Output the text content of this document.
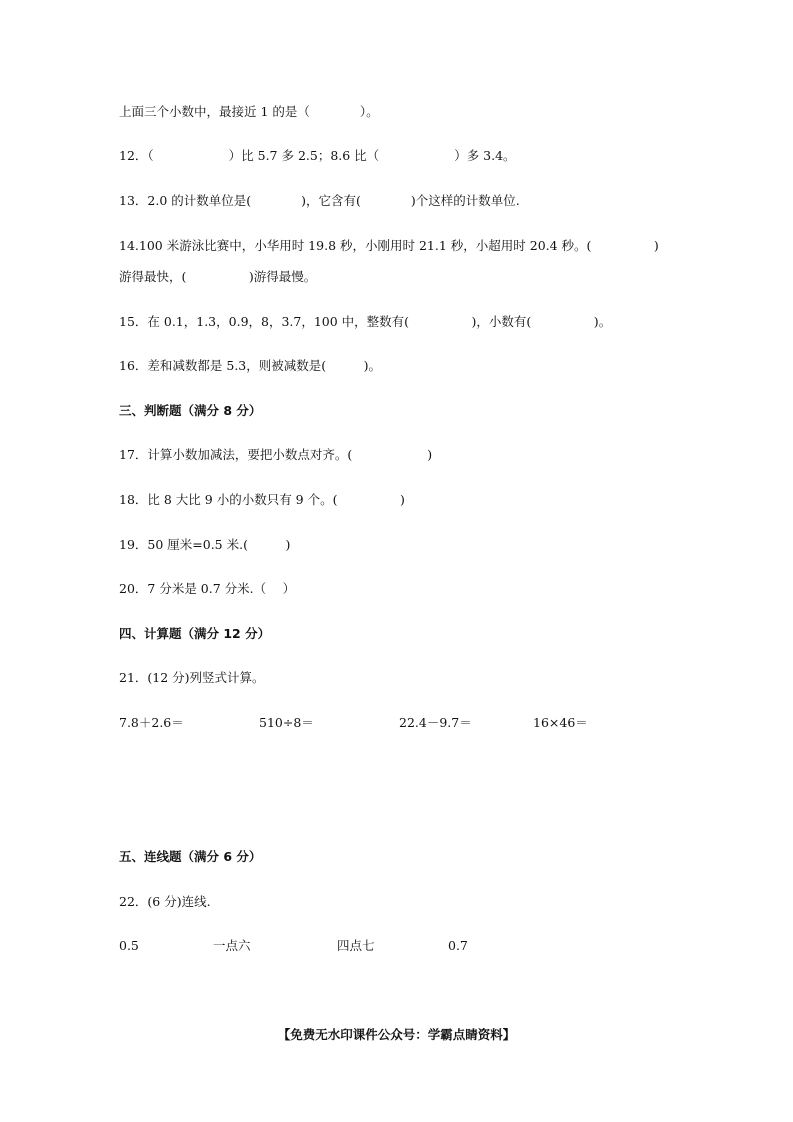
上面三个小数中，最接近 1 的是（　　　　）。
12．（　　　　　　）比 5.7 多 2.5；8.6 比（　　　　　　）多 3.4。
13．2.0 的计数单位是(　　　　)，它含有(　　　　)个这样的计数单位.
14.100 米游泳比赛中，小华用时 19.8 秒，小刚用时 21.1 秒，小超用时 20.4 秒。(　　　　　)
游得最快，(　　　　　)游得最慢。
15．在 0.1，1.3，0.9，8，3.7，100 中，整数有(　　　　　)，小数有(　　　　　)。
16．差和减数都是 5.3，则被减数是(　　　)。
三、判断题（满分 8 分）
17．计算小数加减法，要把小数点对齐。(　　　　　　)
18．比 8 大比 9 小的小数只有 9 个。(　　　　　)
19．50 厘米=0.5 米.(　　　)
20．7 分米是 0.7 分米.（　 ）
四、计算题（满分 12 分）
21．(12 分)列竖式计算。
7.8＋2.6＝	510÷8＝	22.4－9.7＝	16×46＝
五、连线题（满分 6 分）
22．(6 分)连线.
0.5	一点六	四点七	0.7
【免费无水印课件公众号：学霸点睛资料】
